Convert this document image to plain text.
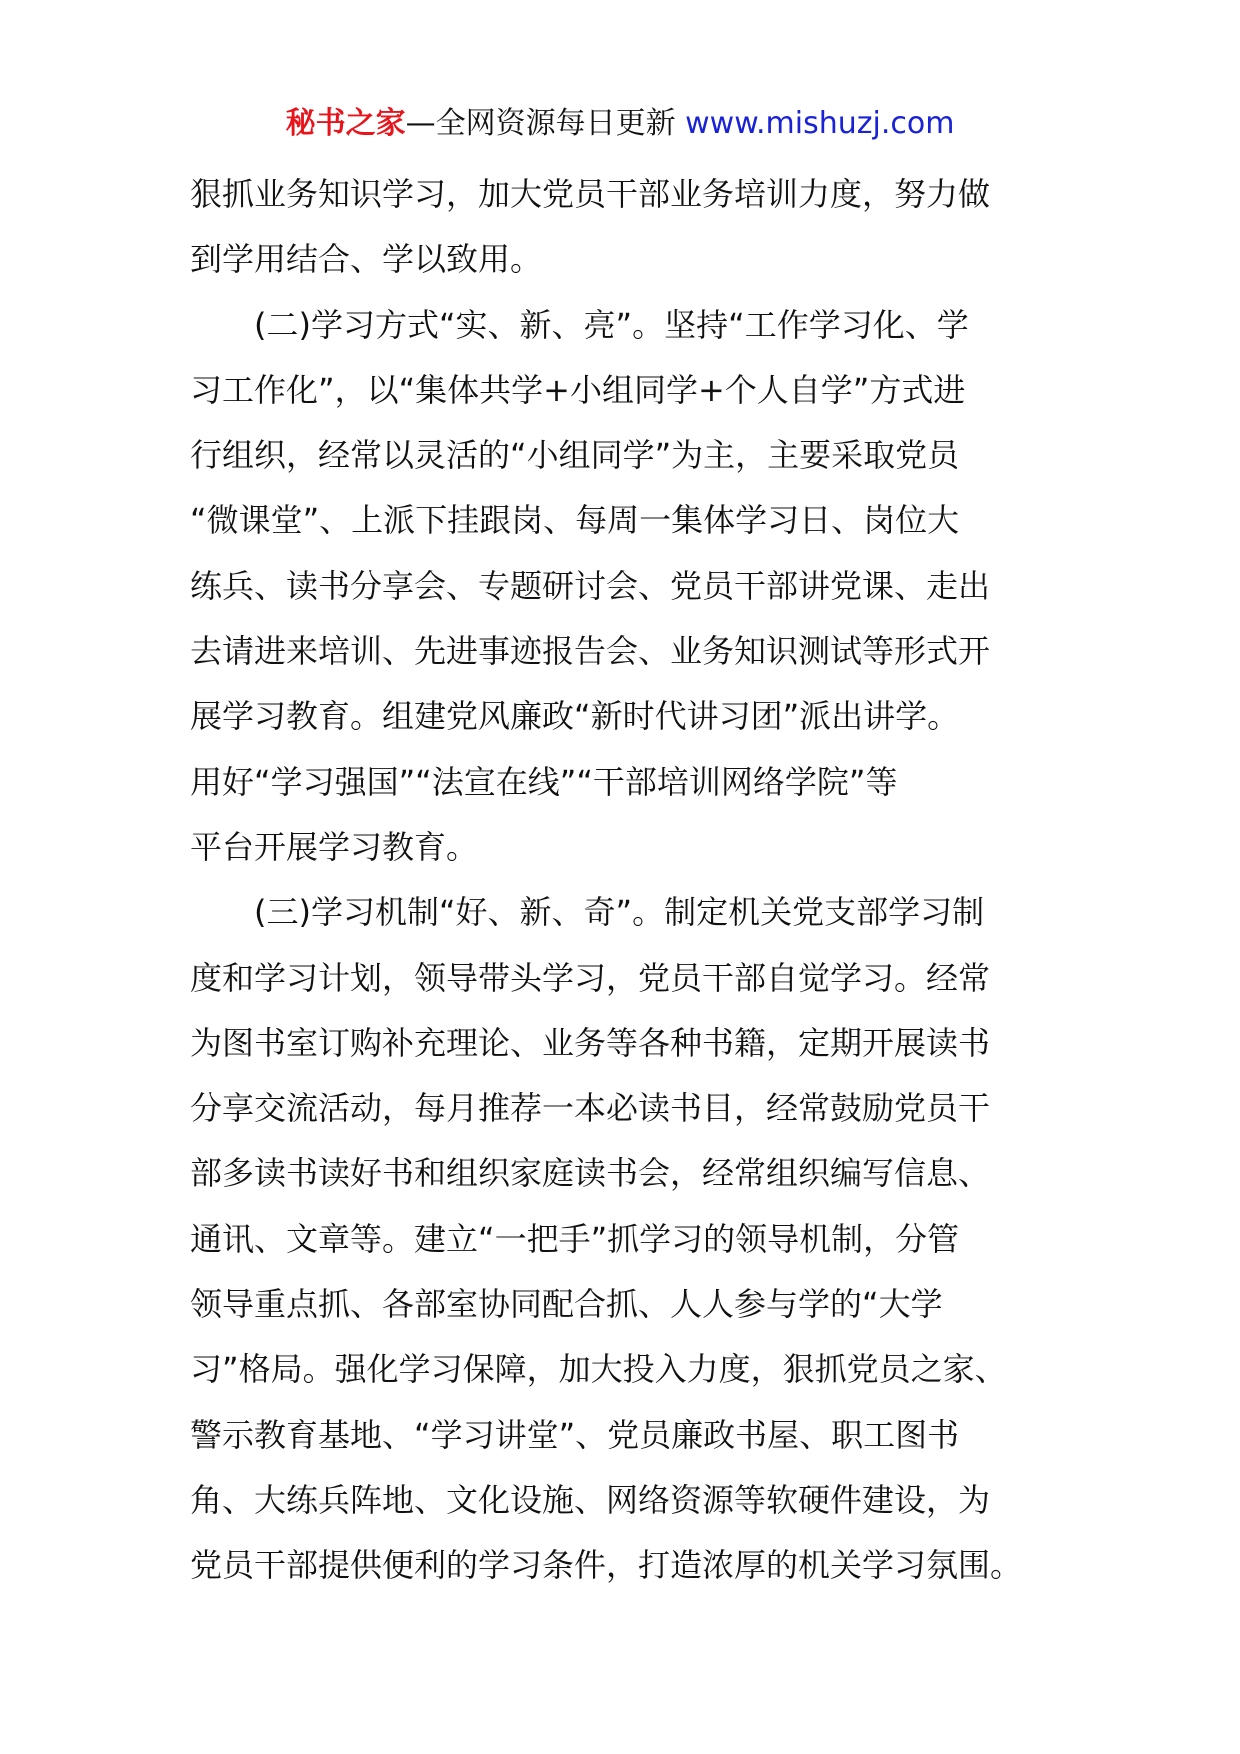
秘书之家—全网资源每日更新 www.mishuzj.com
狠抓业务知识学习，加大党员干部业务培训力度，努力做
到学用结合、学以致用。
(二)学习方式“实、新、亮”。坚持“工作学习化、学
习工作化”，以“集体共学+小组同学+个人自学”方式进
行组织，经常以灵活的“小组同学”为主，主要采取党员
“微课堂”、上派下挂跟岗、每周一集体学习日、岗位大
练兵、读书分享会、专题研讨会、党员干部讲党课、走出
去请进来培训、先进事迹报告会、业务知识测试等形式开
展学习教育。组建党风廉政“新时代讲习团”派出讲学。
用好“学习强国”“法宣在线”“干部培训网络学院”等
平台开展学习教育。
(三)学习机制“好、新、奇”。制定机关党支部学习制
度和学习计划，领导带头学习，党员干部自觉学习。经常
为图书室订购补充理论、业务等各种书籍，定期开展读书
分享交流活动，每月推荐一本必读书目，经常鼓励党员干
部多读书读好书和组织家庭读书会，经常组织编写信息、
通讯、文章等。建立“一把手”抓学习的领导机制，分管
领导重点抓、各部室协同配合抓、人人参与学的“大学
习”格局。强化学习保障，加大投入力度，狠抓党员之家、
警示教育基地、“学习讲堂”、党员廉政书屋、职工图书
角、大练兵阵地、文化设施、网络资源等软硬件建设，为
党员干部提供便利的学习条件，打造浓厚的机关学习氛围。
